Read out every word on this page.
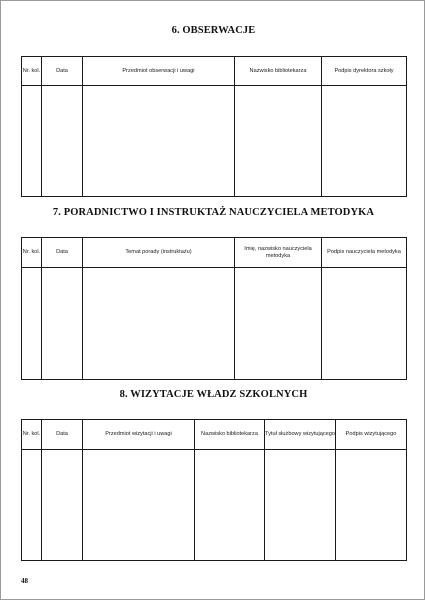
6. OBSERWACJE
Nr. kol.	Data	Przedmiot obserwacji i uwagi	Nazwisko bibliotekarza	Podpis dyrektora szkoły

7. PORADNICTWO I INSTRUKTAŻ NAUCZYCIELA METODYKA
Nr. kol.	Data	Temat porady (instruktażu)	Imię, nazwisko nauczyciela metodyka	Podpis nauczyciela metodyka

8. WIZYTACJE WŁADZ SZKOLNYCH
Nr. kol.	Data	Przedmiot wizytacji i uwagi	Nazwisko bibliotekarza	Tytuł służbowy wizytującego	Podpis wizytującego

48
